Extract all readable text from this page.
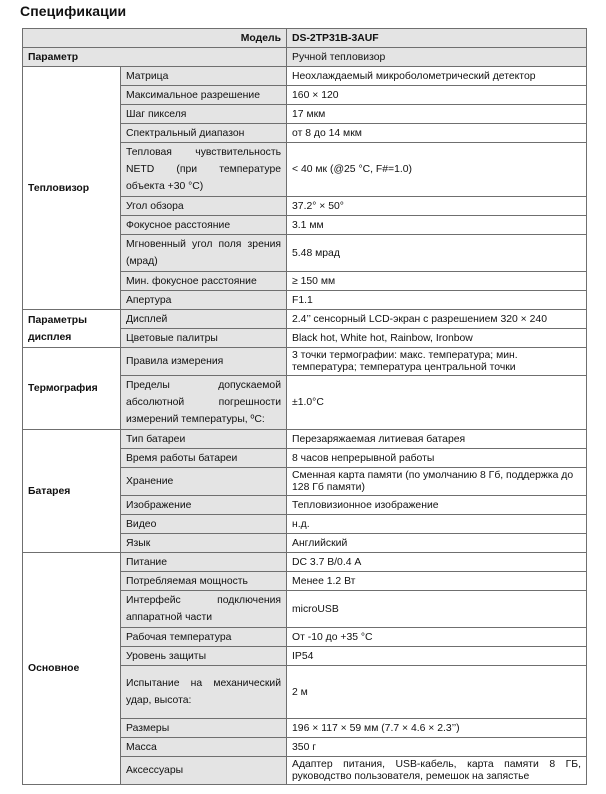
Спецификации
Модель		DS-2TP31B-3AUF
Параметр		Ручной тепловизор
Тепловизор	Матрица	Неохлаждаемый микроболометрический детектор
	Максимальное разрешение	160 × 120
	Шаг пикселя	17 мкм
	Спектральный диапазон	от 8 до 14 мкм
	Тепловая чувствительность NETD (при температуре объекта +30 °C)	< 40 мк (@25 °C, F#=1.0)
	Угол обзора	37.2° × 50°
	Фокусное расстояние	3.1 мм
	Мгновенный угол поля зрения (мрад)	5.48 мрад
	Мин. фокусное расстояние	≥ 150 мм
	Апертура	F1.1
Параметры дисплея	Дисплей	2.4’’ сенсорный LCD-экран с разрешением 320 × 240
	Цветовые палитры	Black hot, White hot, Rainbow, Ironbow
Термография	Правила измерения	3 точки термографии: макс. температура; мин. температура; температура центральной точки
	Пределы допускаемой абсолютной погрешности измерений температуры, ºС:	±1.0°C
Батарея	Тип батареи	Перезаряжаемая литиевая батарея
	Время работы батареи	8 часов непрерывной работы
	Хранение	Сменная карта памяти (по умолчанию 8 Гб, поддержка до 128 Гб памяти)
	Изображение	Тепловизионное изображение
	Видео	н.д.
	Язык	Английский
Основное	Питание	DC 3.7 В/0.4 А
	Потребляемая мощность	Менее 1.2 Вт
	Интерфейс подключения аппаратной части	microUSB
	Рабочая температура	От -10 до +35 °C
	Уровень защиты	IP54
	Испытание на механический удар, высота:	2 м
	Размеры	196 × 117 × 59 мм (7.7 × 4.6 × 2.3’’)
	Масса	350 г
	Аксессуары	Адаптер питания, USB-кабель, карта памяти 8 ГБ, руководство пользователя, ремешок на запястье
